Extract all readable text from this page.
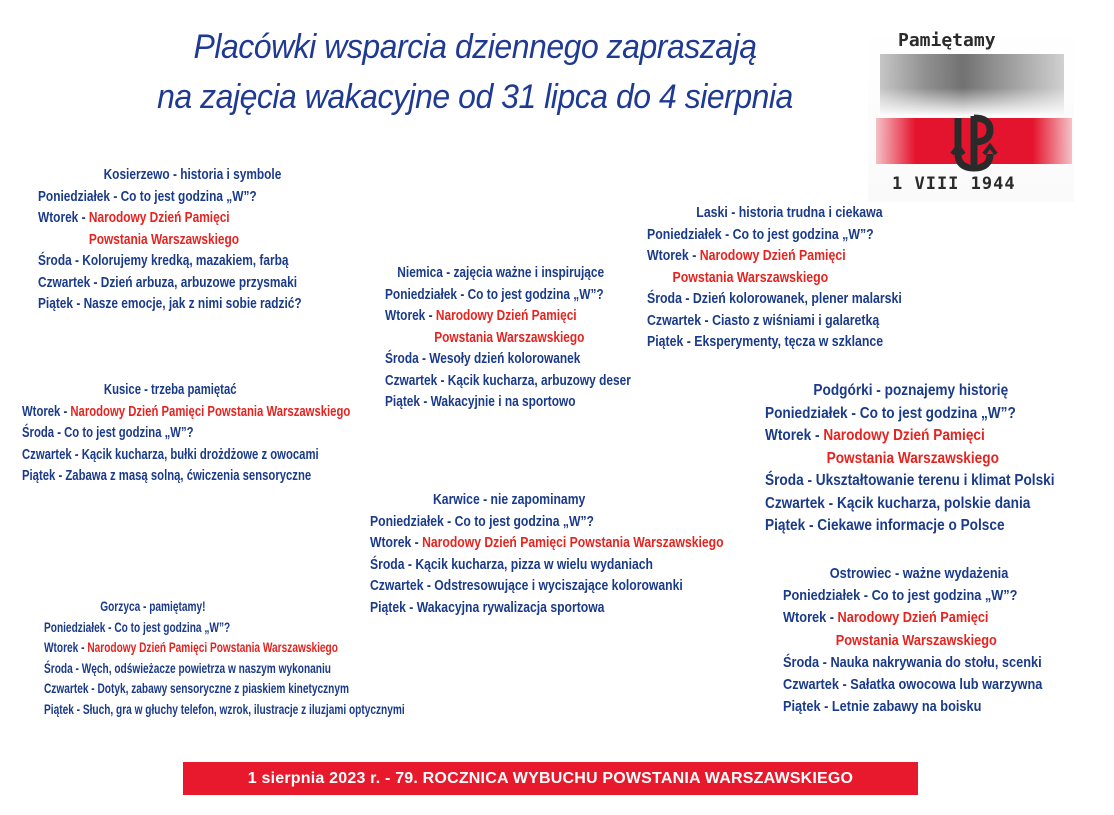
Placówki wsparcia dziennego zapraszają
na zajęcia wakacyjne od 31 lipca do 4 sierpnia
Pamiętamy
1 VIII 1944
Kosierzewo - historia i symbole
Poniedziałek - Co to jest godzina „W”?
Wtorek - Narodowy Dzień Pamięci
Powstania Warszawskiego
Środa - Kolorujemy kredką, mazakiem, farbą
Czwartek - Dzień arbuza, arbuzowe przysmaki
Piątek - Nasze emocje, jak z nimi sobie radzić?
Niemica - zajęcia ważne i inspirujące
Poniedziałek - Co to jest godzina „W”?
Wtorek - Narodowy Dzień Pamięci
Powstania Warszawskiego
Środa - Wesoły dzień kolorowanek
Czwartek - Kącik kucharza, arbuzowy deser
Piątek - Wakacyjnie i na sportowo
Laski - historia trudna i ciekawa
Poniedziałek - Co to jest godzina „W”?
Wtorek - Narodowy Dzień Pamięci
Powstania Warszawskiego
Środa - Dzień kolorowanek, plener malarski
Czwartek - Ciasto z wiśniami i galaretką
Piątek - Eksperymenty, tęcza w szklance
Kusice - trzeba pamiętać
Wtorek - Narodowy Dzień Pamięci Powstania Warszawskiego
Środa - Co to jest godzina „W”?
Czwartek - Kącik kucharza, bułki drożdżowe z owocami
Piątek - Zabawa z masą solną, ćwiczenia sensoryczne
Podgórki - poznajemy historię
Poniedziałek - Co to jest godzina „W”?
Wtorek - Narodowy Dzień Pamięci
Powstania Warszawskiego
Środa - Ukształtowanie terenu i klimat Polski
Czwartek - Kącik kucharza, polskie dania
Piątek - Ciekawe informacje o Polsce
Karwice - nie zapominamy
Poniedziałek - Co to jest godzina „W”?
Wtorek - Narodowy Dzień Pamięci Powstania Warszawskiego
Środa - Kącik kucharza, pizza w wielu wydaniach
Czwartek - Odstresowujące i wyciszające kolorowanki
Piątek - Wakacyjna rywalizacja sportowa
Gorzyca - pamiętamy!
Poniedziałek - Co to jest godzina „W”?
Wtorek - Narodowy Dzień Pamięci Powstania Warszawskiego
Środa - Węch, odświeżacze powietrza w naszym wykonaniu
Czwartek - Dotyk, zabawy sensoryczne z piaskiem kinetycznym
Piątek - Słuch, gra w głuchy telefon, wzrok, ilustracje z iluzjami optycznymi
Ostrowiec - ważne wydażenia
Poniedziałek - Co to jest godzina „W”?
Wtorek - Narodowy Dzień Pamięci
Powstania Warszawskiego
Środa - Nauka nakrywania do stołu, scenki
Czwartek - Sałatka owocowa lub warzywna
Piątek - Letnie zabawy na boisku
1 sierpnia 2023 r. - 79. ROCZNICA WYBUCHU POWSTANIA WARSZAWSKIEGO
